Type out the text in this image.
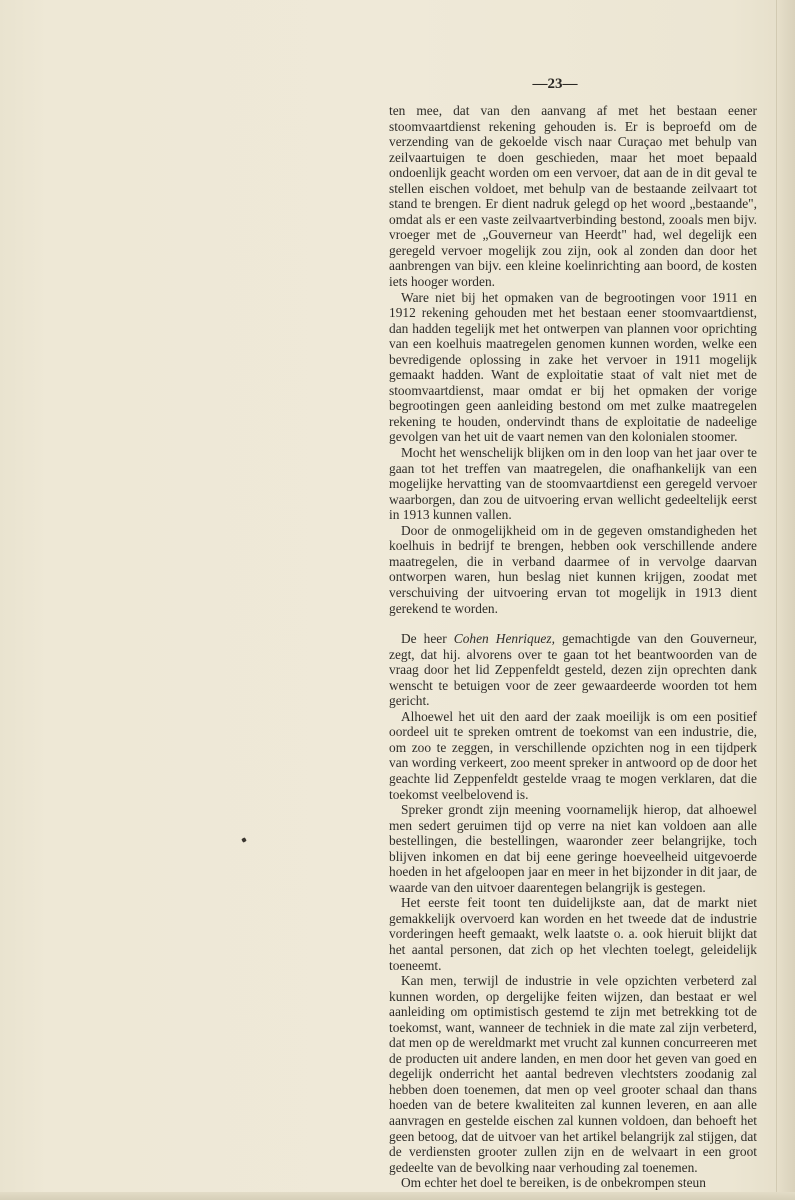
—23—

ten mee, dat van den aanvang af met het bestaan eener stoomvaartdienst rekening gehouden is. Er is beproefd om de verzending van de gekoelde visch naar Curaçao met behulp van zeilvaartuigen te doen geschieden, maar het moet bepaald ondoenlijk geacht worden om een vervoer, dat aan de in dit geval te stellen eischen voldoet, met behulp van de bestaande zeilvaart tot stand te brengen. Er dient nadruk gelegd op het woord „bestaande", omdat als er een vaste zeilvaartverbinding bestond, zooals men bijv. vroeger met de „Gouverneur van Heerdt" had, wel degelijk een geregeld vervoer mogelijk zou zijn, ook al zonden dan door het aanbrengen van bijv. een kleine koelinrichting aan boord, de kosten iets hooger worden.

Ware niet bij het opmaken van de begrootingen voor 1911 en 1912 rekening gehouden met het bestaan eener stoomvaartdienst, dan hadden tegelijk met het ontwerpen van plannen voor oprichting van een koelhuis maatregelen genomen kunnen worden, welke een bevredigende oplossing in zake het vervoer in 1911 mogelijk gemaakt hadden. Want de exploitatie staat of valt niet met de stoomvaartdienst, maar omdat er bij het opmaken der vorige begrootingen geen aanleiding bestond om met zulke maatregelen rekening te houden, ondervindt thans de exploitatie de nadeelige gevolgen van het uit de vaart nemen van den kolonialen stoomer.

Mocht het wenschelijk blijken om in den loop van het jaar over te gaan tot het treffen van maatregelen, die onafhankelijk van een mogelijke hervatting van de stoomvaartdienst een geregeld vervoer waarborgen, dan zou de uitvoering ervan wellicht gedeeltelijk eerst in 1913 kunnen vallen.

Door de onmogelijkheid om in de gegeven omstandigheden het koelhuis in bedrijf te brengen, hebben ook verschillende andere maatregelen, die in verband daarmee of in vervolge daarvan ontworpen waren, hun beslag niet kunnen krijgen, zoodat met verschuiving der uitvoering ervan tot mogelijk in 1913 dient gerekend te worden.

De heer Cohen Henriquez, gemachtigde van den Gouverneur, zegt, dat hij. alvorens over te gaan tot het beantwoorden van de vraag door het lid Zeppenfeldt gesteld, dezen zijn oprechten dank wenscht te betuigen voor de zeer gewaardeerde woorden tot hem gericht.

Alhoewel het uit den aard der zaak moeilijk is om een positief oordeel uit te spreken omtrent de toekomst van een industrie, die, om zoo te zeggen, in verschillende opzichten nog in een tijdperk van wording verkeert, zoo meent spreker in antwoord op de door het geachte lid Zeppenfeldt gestelde vraag te mogen verklaren, dat die toekomst veelbelovend is.

Spreker grondt zijn meening voornamelijk hierop, dat alhoewel men sedert geruimen tijd op verre na niet kan voldoen aan alle bestellingen, die bestellingen, waaronder zeer belangrijke, toch blijven inkomen en dat bij eene geringe hoeveelheid uitgevoerde hoeden in het afgeloopen jaar en meer in het bijzonder in dit jaar, de waarde van den uitvoer daarentegen belangrijk is gestegen.

Het eerste feit toont ten duidelijkste aan, dat de markt niet gemakkelijk overvoerd kan worden en het tweede dat de industrie vorderingen heeft gemaakt, welk laatste o. a. ook hieruit blijkt dat het aantal personen, dat zich op het vlechten toelegt, geleidelijk toeneemt.

Kan men, terwijl de industrie in vele opzichten verbeterd zal kunnen worden, op dergelijke feiten wijzen, dan bestaat er wel aanleiding om optimistisch gestemd te zijn met betrekking tot de toekomst, want, wanneer de techniek in die mate zal zijn verbeterd, dat men op de wereldmarkt met vrucht zal kunnen concurreeren met de producten uit andere landen, en men door het geven van goed en degelijk onderricht het aantal bedreven vlechtsters zoodanig zal hebben doen toenemen, dat men op veel grooter schaal dan thans hoeden van de betere kwaliteiten zal kunnen leveren, en aan alle aanvragen en gestelde eischen zal kunnen voldoen, dan behoeft het geen betoog, dat de uitvoer van het artikel belangrijk zal stijgen, dat de verdiensten grooter zullen zijn en de welvaart in een groot gedeelte van de bevolking naar verhouding zal toenemen.

Om echter het doel te bereiken, is de onbekrompen steun
